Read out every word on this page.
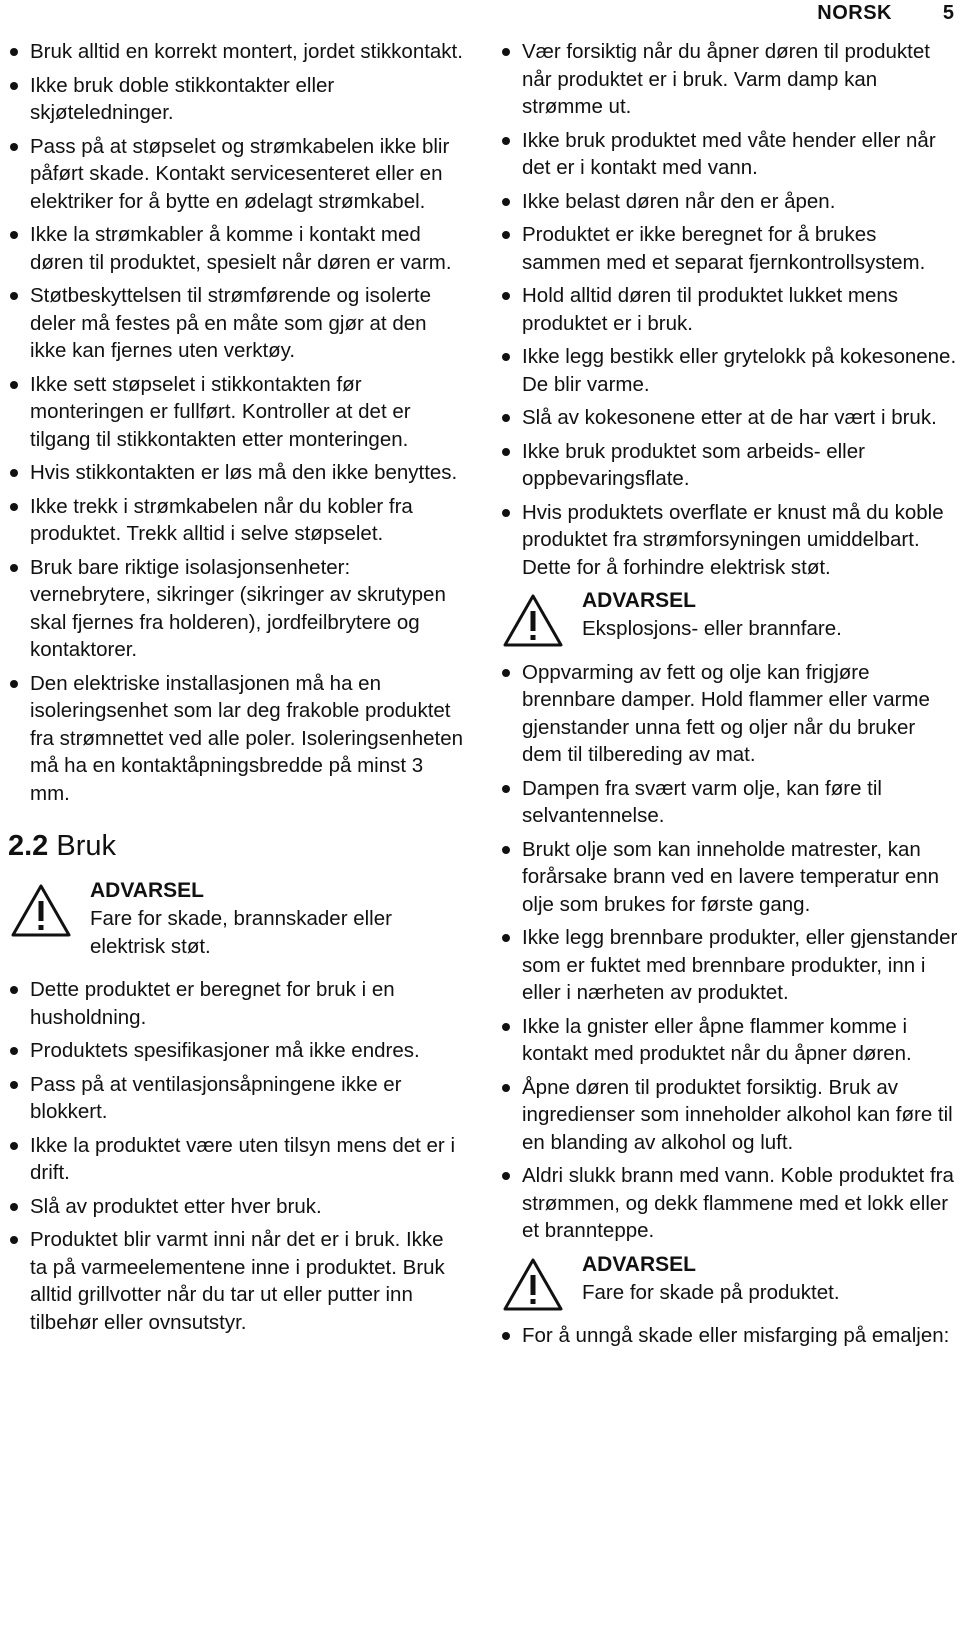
NORSK	5
Bruk alltid en korrekt montert, jordet stikkontakt.
Ikke bruk doble stikkontakter eller skjøteledninger.
Pass på at støpselet og strømkabelen ikke blir påført skade. Kontakt servicesenteret eller en elektriker for å bytte en ødelagt strømkabel.
Ikke la strømkabler å komme i kontakt med døren til produktet, spesielt når døren er varm.
Støtbeskyttelsen til strømførende og isolerte deler må festes på en måte som gjør at den ikke kan fjernes uten verktøy.
Ikke sett støpselet i stikkontakten før monteringen er fullført. Kontroller at det er tilgang til stikkontakten etter monteringen.
Hvis stikkontakten er løs må den ikke benyttes.
Ikke trekk i strømkabelen når du kobler fra produktet. Trekk alltid i selve støpselet.
Bruk bare riktige isolasjonsenheter: vernebrytere, sikringer (sikringer av skrutypen skal fjernes fra holderen), jordfeilbrytere og kontaktorer.
Den elektriske installasjonen må ha en isoleringsenhet som lar deg frakoble produktet fra strømnettet ved alle poler. Isoleringsenheten må ha en kontaktåpningsbredde på minst 3 mm.
2.2 Bruk
ADVARSEL
Fare for skade, brannskader eller elektrisk støt.
Dette produktet er beregnet for bruk i en husholdning.
Produktets spesifikasjoner må ikke endres.
Pass på at ventilasjonsåpningene ikke er blokkert.
Ikke la produktet være uten tilsyn mens det er i drift.
Slå av produktet etter hver bruk.
Produktet blir varmt inni når det er i bruk. Ikke ta på varmeelementene inne i produktet. Bruk alltid grillvotter når du tar ut eller putter inn tilbehør eller ovnsutstyr.
Vær forsiktig når du åpner døren til produktet når produktet er i bruk. Varm damp kan strømme ut.
Ikke bruk produktet med våte hender eller når det er i kontakt med vann.
Ikke belast døren når den er åpen.
Produktet er ikke beregnet for å brukes sammen med et separat fjernkontrollsystem.
Hold alltid døren til produktet lukket mens produktet er i bruk.
Ikke legg bestikk eller grytelokk på kokesonene. De blir varme.
Slå av kokesonene etter at de har vært i bruk.
Ikke bruk produktet som arbeids- eller oppbevaringsflate.
Hvis produktets overflate er knust må du koble produktet fra strømforsyningen umiddelbart. Dette for å forhindre elektrisk støt.
ADVARSEL
Eksplosjons- eller brannfare.
Oppvarming av fett og olje kan frigjøre brennbare damper. Hold flammer eller varme gjenstander unna fett og oljer når du bruker dem til tilbereding av mat.
Dampen fra svært varm olje, kan føre til selvantennelse.
Brukt olje som kan inneholde matrester, kan forårsake brann ved en lavere temperatur enn olje som brukes for første gang.
Ikke legg brennbare produkter, eller gjenstander som er fuktet med brennbare produkter, inn i eller i nærheten av produktet.
Ikke la gnister eller åpne flammer komme i kontakt med produktet når du åpner døren.
Åpne døren til produktet forsiktig. Bruk av ingredienser som inneholder alkohol kan føre til en blanding av alkohol og luft.
Aldri slukk brann med vann. Koble produktet fra strømmen, og dekk flammene med et lokk eller et brannteppe.
ADVARSEL
Fare for skade på produktet.
For å unngå skade eller misfarging på emaljen:
